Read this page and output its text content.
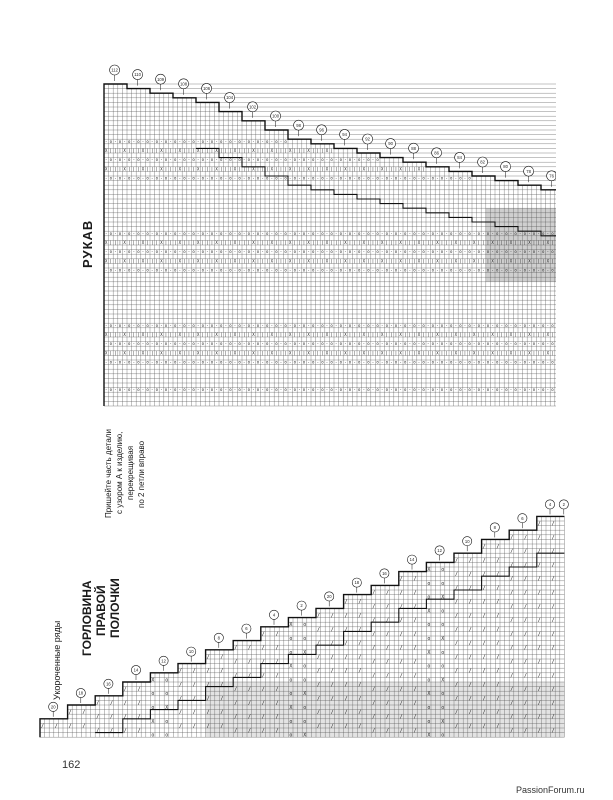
-
X
-
X
-
-
X
-
X
-
-
X
-
X
-
-
o
|
o
|
o
o
|
o
|
o
o
|
o
|
o
o
-
|
-
|
-
-
|
-
|
-
-
|
-
|
-
-
o
|
o
|
o
o
|
o
|
o
o
|
o
|
o
o
-
X
-
X
-
-
X
-
X
-
-
X
-
X
-
-
o
|
o
|
o
o
|
o
|
o
o
|
o
|
o
o
-
|
-
|
-
-
|
-
|
-
-
|
-
|
-
-
o
|
o
|
o
o
|
o
|
o
o
|
o
|
o
o
-
X
-
X
-
-
X
-
X
-
-
X
-
X
-
-
o
|
o
|
o
o
|
o
|
o
o
|
o
|
o
o
-
|
-
|
-
-
|
-
|
-
-
|
-
|
-
-
o
|
o
|
o
o
|
o
|
o
o
|
o
|
o
o
-
X
-
X
-
-
X
-
X
-
-
X
-
X
-
-
o
|
o
|
o
o
|
o
|
o
o
|
o
|
o
o
-
|
-
|
-
-
|
-
|
-
-
|
-
|
-
-
o
|
o
|
o
o
|
o
|
o
o
|
o
|
o
o
-
X
-
X
-
-
X
-
X
-
-
X
-
X
-
-
o
|
o
|
o
o
|
o
|
o
o
|
o
|
o
o
-
|
-
|
-
-
|
-
|
-
-
|
-
|
-
-
o
|
o
|
o
o
|
o
|
o
o
|
o
|
o
o
-
X
-
X
-
-
X
-
X
-
-
X
-
X
-
-
o
|
o
|
o
o
|
o
|
o
o
|
o
|
o
o
-
|
-
|
-
-
|
-
|
-
-
|
-
|
-
-
o
|
o
|
o
o
|
o
|
o
o
|
o
|
o
o
-
X
-
X
-
-
X
-
X
-
-
X
-
X
-
-
o
|
o
|
o
o
|
o
|
o
o
|
o
|
o
o
-
|
-
|
-
-
|
-
|
-
-
|
-
|
-
-
o
|
o
|
o
o
|
o
|
o
o
|
o
|
o
o
-
X
-
X
-
-
X
-
X
-
-
X
-
X
-
-
o
|
o
|
o
o
|
o
|
o
o
|
o
|
o
o
-
|
-
|
-
-
|
-
|
-
-
|
-
|
-
-
o
|
o
|
o
o
|
o
|
o
o
|
o
|
o
o
-
X
-
X
-
-
X
-
X
-
-
X
-
X
-
-
o
|
o
|
o
o
|
o
|
o
o
|
o
|
o
o
-
|
-
|
-
-
|
-
|
-
-
|
-
|
-
-
o
|
o
|
o
o
|
o
|
o
o
|
o
|
o
o
-
X
-
X
-
-
X
-
X
-
-
X
-
X
-
-
o
|
o
|
o
o
|
o
|
o
o
|
o
|
o
o
-
|
-
|
-
-
|
-
|
-
-
|
-
|
-
-
o
|
o
|
o
o
|
o
|
o
o
|
o
|
o
o
X
-
X
-
-
X
-
X
-
-
X
-
X
-
-
|
o
|
o
o
|
o
|
o
o
|
o
|
o
o
|
-
|
-
-
|
-
|
-
-
|
-
|
-
-
|
o
|
o
o
|
o
|
o
o
|
o
|
o
o
X
-
X
-
-
X
-
X
-
-
X
-
X
-
-
|
o
|
o
o
|
o
|
o
o
|
o
|
o
o
|
-
|
-
-
|
-
|
-
-
|
-
|
-
-
|
o
|
o
o
|
o
|
o
o
|
o
|
o
o
X
-
X
-
-
X
-
X
-
-
X
-
X
-
-
|
o
|
o
o
|
o
|
o
o
|
o
|
o
o
-
|
-
-
|
-
|
-
-
|
-
|
-
-
o
|
o
o
|
o
|
o
o
|
o
|
o
o
-
X
-
-
X
-
X
-
-
X
-
X
-
-
o
|
o
o
|
o
|
o
o
|
o
|
o
o
-
|
-
-
|
-
|
-
-
|
-
|
-
-
o
|
o
o
|
o
|
o
o
|
o
|
o
o
-
X
-
-
X
-
X
-
-
X
-
X
-
-
o
|
o
o
|
o
|
o
o
|
o
|
o
o
-
|
-
-
|
-
|
-
-
|
-
|
-
-
o
|
o
o
|
o
|
o
o
|
o
|
o
o
X
-
-
X
-
X
-
-
X
-
X
-
-
|
o
o
|
o
|
o
o
|
o
|
o
o
|
-
-
|
-
|
-
-
|
-
|
-
-
|
o
o
|
o
|
o
o
|
o
|
o
o
X
-
-
X
-
X
-
-
X
-
X
-
-
|
o
o
|
o
|
o
o
|
o
|
o
o
|
-
-
|
-
|
-
-
|
-
|
-
-
|
o
o
|
o
|
o
o
|
o
|
o
o
X
-
-
X
-
X
-
-
X
-
X
-
-
|
o
o
|
o
|
o
o
|
o
|
o
o
-
-
|
-
|
-
-
|
-
|
-
-
o
o
|
o
|
o
o
|
o
|
o
o
-
-
X
-
X
-
-
X
-
X
-
-
o
o
|
o
|
o
o
|
o
|
o
o
-
-
|
-
|
-
-
|
-
|
-
-
o
o
|
o
|
o
o
|
o
|
o
o
-
-
X
-
X
-
-
X
-
X
-
-
o
o
|
o
|
o
o
|
o
|
o
o
-
-
|
-
|
-
-
|
-
|
-
-
o
o
|
o
|
o
o
|
o
|
o
o
-
X
-
X
-
-
X
-
X
-
-
o
|
o
|
o
o
|
o
|
o
o
-
|
-
|
-
-
|
-
|
-
-
o
|
o
|
o
o
|
o
|
o
o
-
X
-
X
-
-
X
-
X
-
-
o
|
o
|
o
o
|
o
|
o
o
-
|
-
|
-
-
|
-
|
-
-
o
|
o
|
o
o
|
o
|
o
o
-
X
-
X
-
-
X
-
X
-
-
o
|
o
|
o
o
|
o
|
o
o
-
|
-
|
-
-
|
-
|
-
-
o
|
o
|
o
o
|
o
|
o
o
-
X
-
X
-
-
X
-
X
-
-
o
|
o
|
o
o
|
o
|
o
o
-
|
-
|
-
-
|
-
|
-
-
o
|
o
|
o
o
|
o
|
o
o
-
X
-
X
-
-
X
-
X
-
-
o
|
o
|
o
o
|
o
|
o
o
112
110
109
108
106
104
102
100
98
96
94
92
90
88
86
84
82
80
78
76
РУКАВ
/ /
/
/
/
/
/
/
/
/
/
/
/
/
/
/
/
/
/
/
X
o
o
X
o
o
o
X
o
o
/
/
/
/
/
/
/
/
/
/
/
/
/
/
/
/
/
/
/
/
/
/
/
/
/
/
/
/
/
/
/
/
/
/
/
/
/
/
/
/
/
/
/
/
/
/
/
/
/
/
/
/
X
o
o
X
o
o
X
o
o
o
o
X
o
o
X
o
o
X
/
/
/
/
/
/
/
/
/
/
/
/
/
/
/
/
/
/
/
/
/
/
/
/
/
/
/
/
/
/
/
/
/
/
/
/
/
/
/
/
/
/
/
/
/
/
/
/
/
/
/
/
/
/
/
/
/
/
/
/
/
/
/
/
/
/
/
/
/
/
/
/
/
/
/
/
/
/
/
/
/
/
/
/
X
o
o
X
o
o
X
o
o
X
o
o
X
o
o
X
o
o
X
o
o
X
o
o
X
o
/
/
/
/
/
/
/
/
/
/
/
/
/
/
/
/
/
/
/
/
/
/
/
/
/
/
/
/
/
/
/
/
/
/
/
/
/
/
/
/
/
/
/
/
/
/
/
/
/
/
/
/
/
/
/
/
/
/
/
/
/
/
/
/
/
/
/
/
/
/
/
/
/
/
/
/
/
/
/
/
/
/
/
/
/
/
/
/
/
/
/
/
/
/
/
/
/
/
/
/
/
/
/
/
/
/
/
/
/
/
/
/
/
/
/
/
20
18
16
14
12
10
8
6
4
2
20
18
16
14
12
10
8
6
4	2
ГОРЛОВИНА ПРАВОЙ ПОЛОЧКИ
Укороченные ряды
Пришейте часть детали с узором А к изделию, перекрещивая по 2 петли вправо
162
PassionForum.ru
